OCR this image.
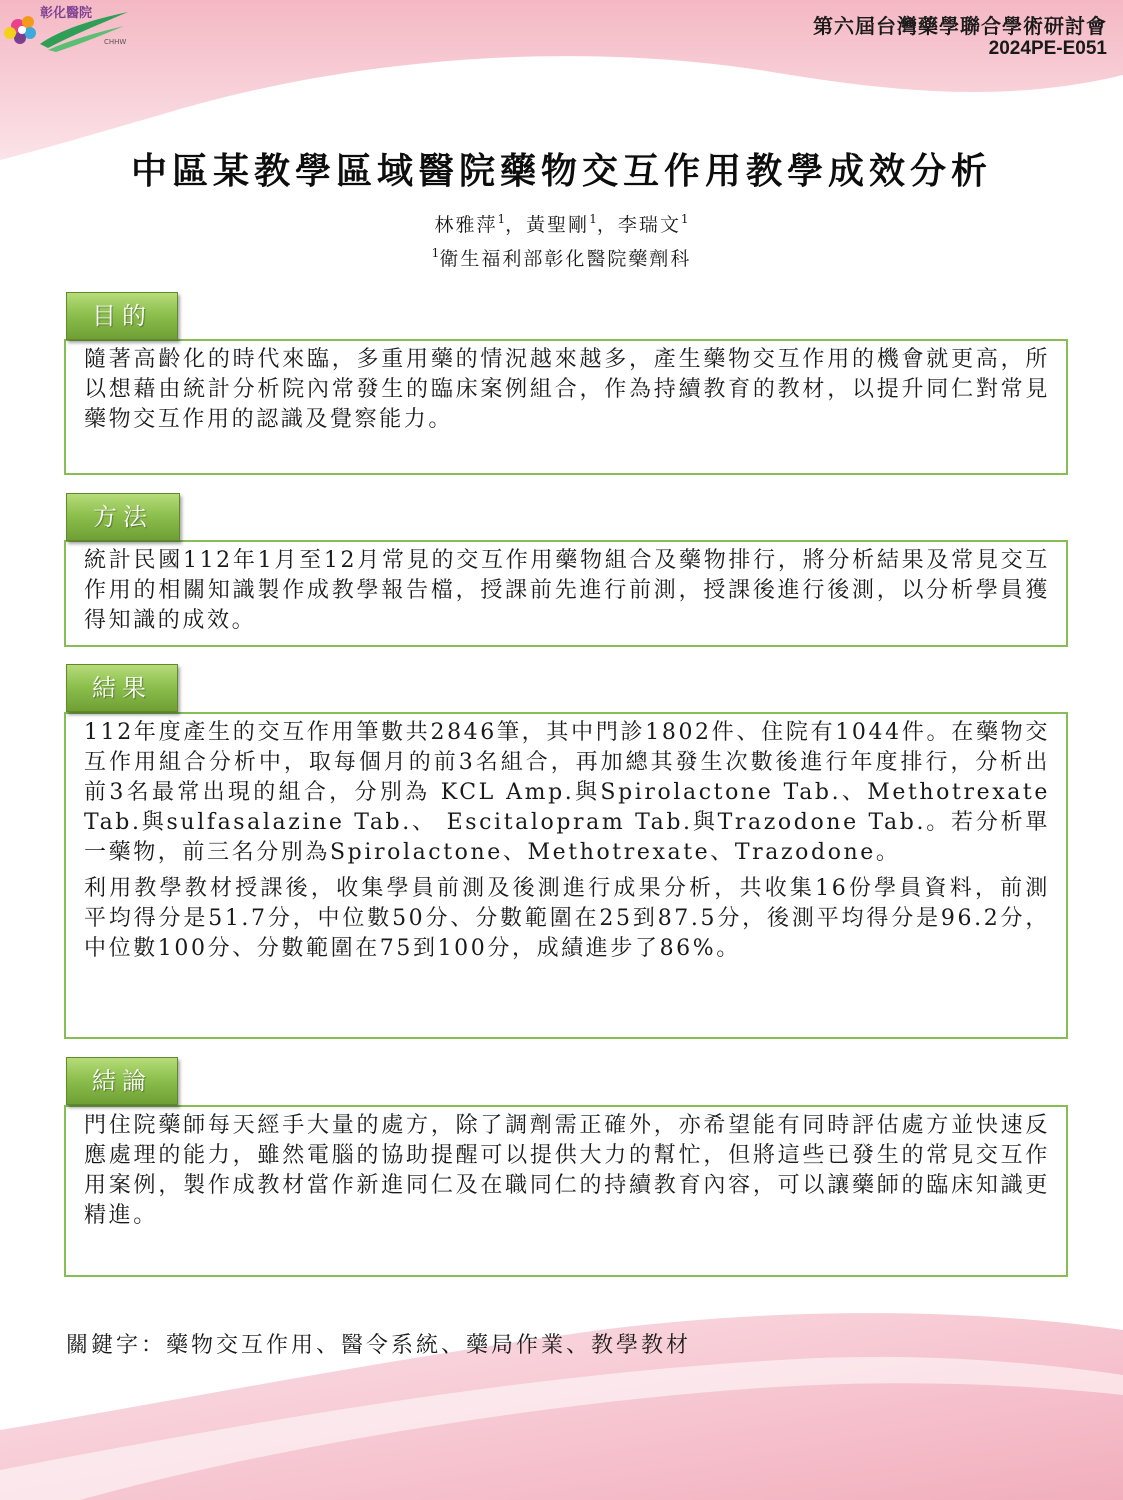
彰化醫院
CHHW
第六屆台灣藥學聯合學術研討會
2024PE-E051
中區某教學區域醫院藥物交互作用教學成效分析
林雅萍$^1$，黃聖剛$^1$，李瑞文$^1$
$^1$衛生福利部彰化醫院藥劑科
目的

隨著高齡化的時代來臨，多重用藥的情況越來越多，產生藥物交互作用的機會就更高，所以想藉由統計分析院內常發生的臨床案例組合，作為持續教育的教材，以提升同仁對常見藥物交互作用的認識及覺察能力。

方法

統計民國112年1月至12月常見的交互作用藥物組合及藥物排行，將分析結果及常見交互作用的相關知識製作成教學報告檔，授課前先進行前測，授課後進行後測，以分析學員獲得知識的成效。

結果

112年度產生的交互作用筆數共2846筆，其中門診1802件、住院有1044件。在藥物交互作用組合分析中，取每個月的前3名組合，再加總其發生次數後進行年度排行，分析出前3名最常出現的組合，分別為 KCL Amp.與Spirolactone Tab.、Methotrexate Tab.與sulfasalazine Tab.、 Escitalopram Tab.與Trazodone Tab.。若分析單一藥物，前三名分別為Spirolactone、Methotrexate、Trazodone。

利用教學教材授課後，收集學員前測及後測進行成果分析，共收集16份學員資料，前測平均得分是51.7分，中位數50分、分數範圍在25到87.5分，後測平均得分是96.2分，中位數100分、分數範圍在75到100分，成績進步了86%。

結論

門住院藥師每天經手大量的處方，除了調劑需正確外，亦希望能有同時評估處方並快速反應處理的能力，雖然電腦的協助提醒可以提供大力的幫忙，但將這些已發生的常見交互作用案例，製作成教材當作新進同仁及在職同仁的持續教育內容，可以讓藥師的臨床知識更精進。

關鍵字：藥物交互作用、醫令系統、藥局作業、教學教材
